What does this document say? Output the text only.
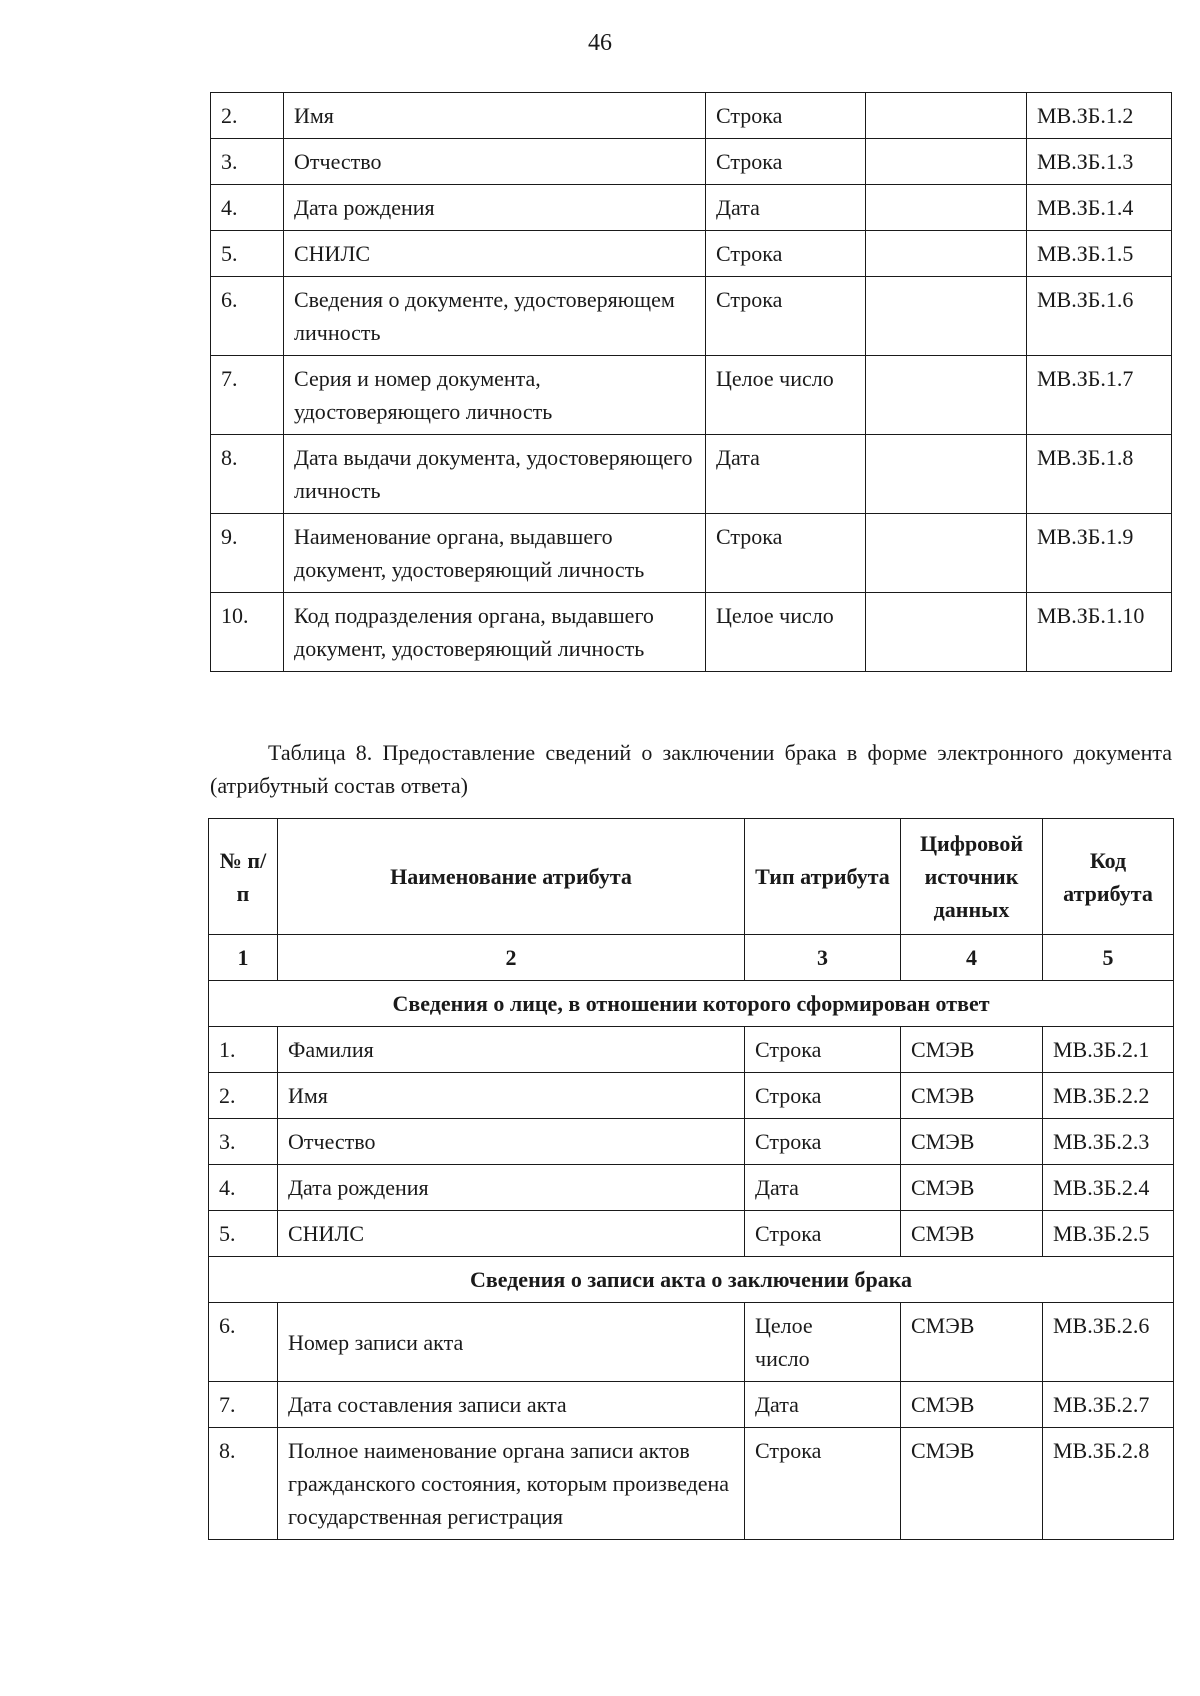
46
2.	Имя	Строка		МВ.ЗБ.1.2
3.	Отчество	Строка		МВ.ЗБ.1.3
4.	Дата рождения	Дата		МВ.ЗБ.1.4
5.	СНИЛС	Строка		МВ.ЗБ.1.5
6.	Сведения о документе, удостоверяющем личность	Строка		МВ.ЗБ.1.6
7.	Серия и номер документа, удостоверяющего личность	Целое число		МВ.ЗБ.1.7
8.	Дата выдачи документа, удостоверяющего личность	Дата		МВ.ЗБ.1.8
9.	Наименование органа, выдавшего документ, удостоверяющий личность	Строка		МВ.ЗБ.1.9
10.	Код подразделения органа, выдавшего документ, удостоверяющий личность	Целое число		МВ.ЗБ.1.10
Таблица 8. Предоставление сведений о заключении брака в форме электронного документа (атрибутный состав ответа)
№ п/п	Наименование атрибута	Тип атрибута	Цифровой источник данных	Код атрибута
1	2	3	4	5
Сведения о лице, в отношении которого сформирован ответ				
1.	Фамилия	Строка	СМЭВ	МВ.ЗБ.2.1
2.	Имя	Строка	СМЭВ	МВ.ЗБ.2.2
3.	Отчество	Строка	СМЭВ	МВ.ЗБ.2.3
4.	Дата рождения	Дата	СМЭВ	МВ.ЗБ.2.4
5.	СНИЛС	Строка	СМЭВ	МВ.ЗБ.2.5
Сведения о записи акта о заключении брака				
6.	Номер записи акта	Целое число	СМЭВ	МВ.ЗБ.2.6
7.	Дата составления записи акта	Дата	СМЭВ	МВ.ЗБ.2.7
8.	Полное наименование органа записи актов гражданского состояния, которым произведена государственная регистрация	Строка	СМЭВ	МВ.ЗБ.2.8
